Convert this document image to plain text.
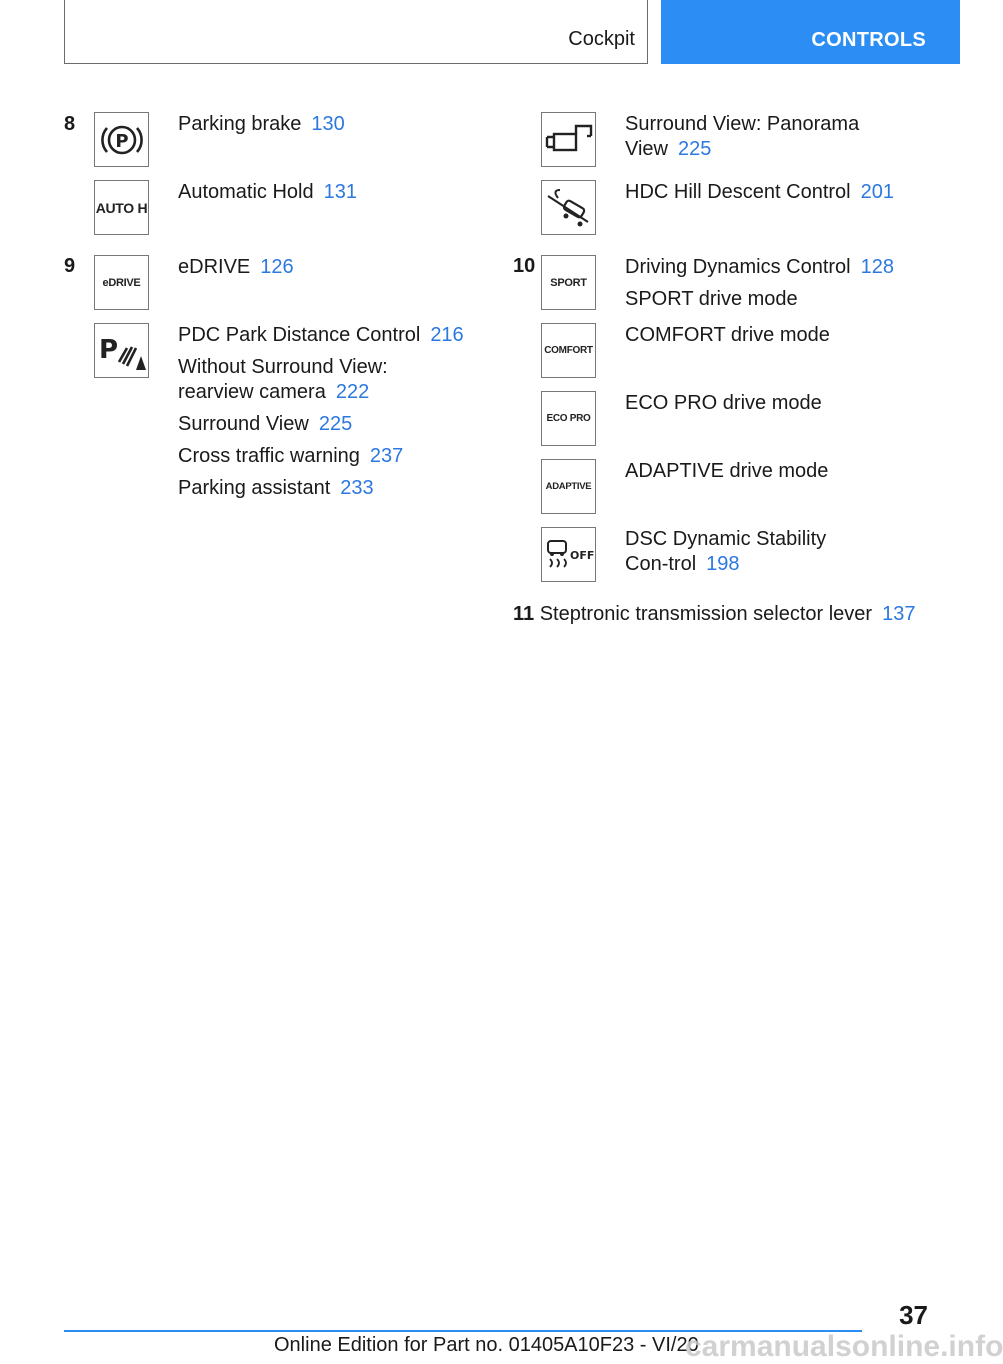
Cockpit	CONTROLS
8
P

Parking brake 130

AUTO H

Automatic Hold 131

9
eDRIVE

eDRIVE 126

P	PDC Park Distance Control 216

Without Surround View: rearview camera 222

Surround View 225

Cross traffic warning 237

Parking assistant 233

Surround View: Panorama View 225

HDC Hill Descent Control 201

10
SPORT

Driving Dynamics Control 128

SPORT drive mode

COMFORT

COMFORT drive mode

ECO PRO

ECO PRO drive mode

ADAPTIVE

ADAPTIVE drive mode

OFF

DSC Dynamic Stability Con-trol 198

11 Steptronic transmission selector lever 137

37
Online Edition for Part no. 01405A10F23 - VI/20
carmanualsonline.info
